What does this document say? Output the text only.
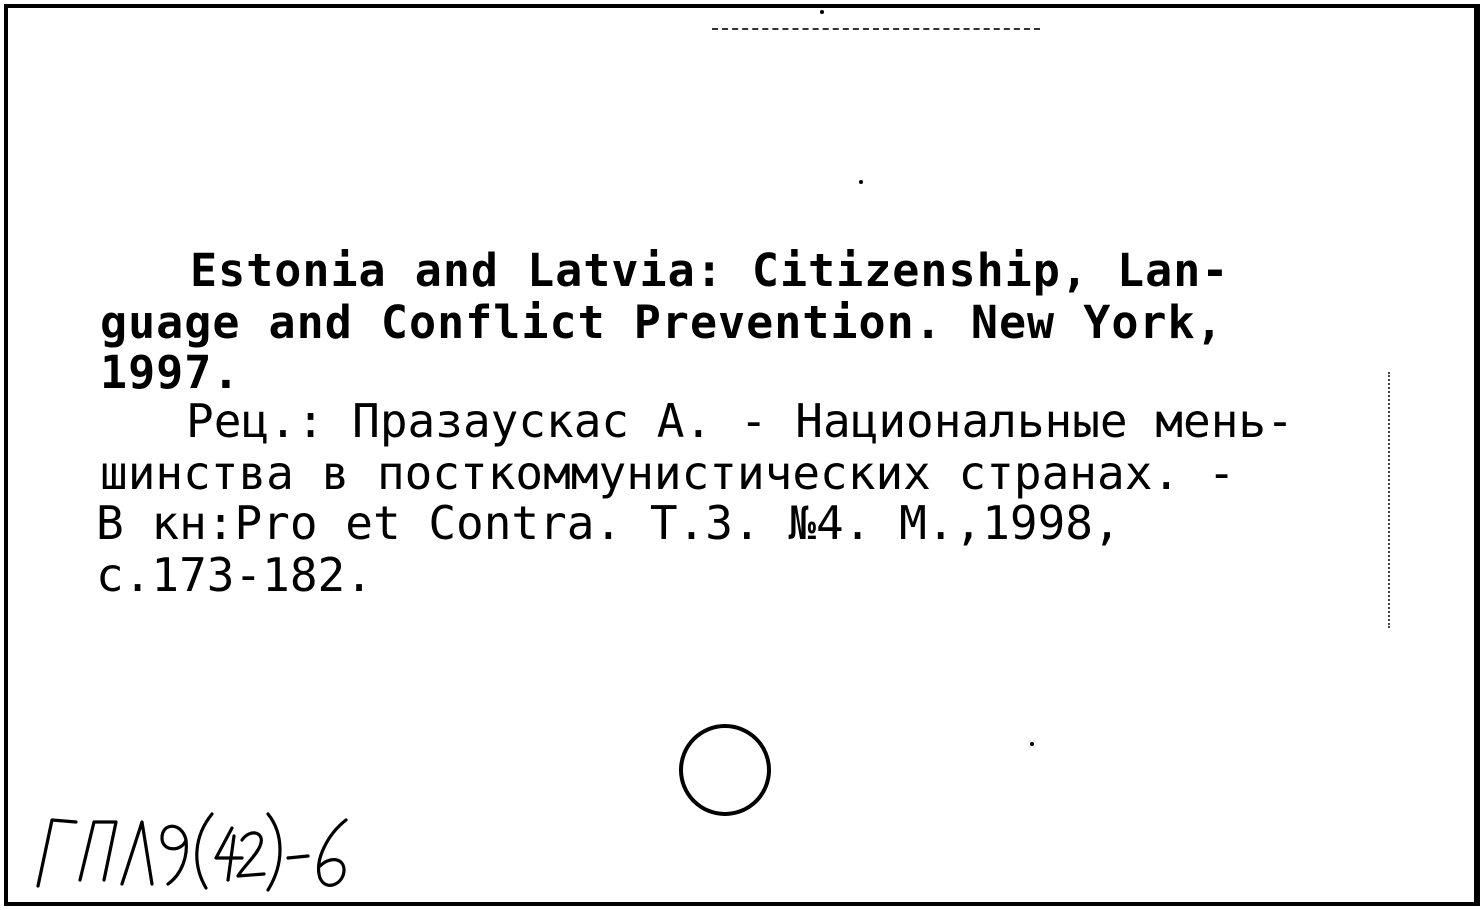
Estonia and Latvia: Citizenship, Lan-
guage and Conflict Prevention. New York,
1997.
Рец.: Празаускас А. - Национальные мень-
шинства в посткоммунистических странах. -
В кн:Pro et Contra. Т.3. №4. М.,1998,
с.173-182.
